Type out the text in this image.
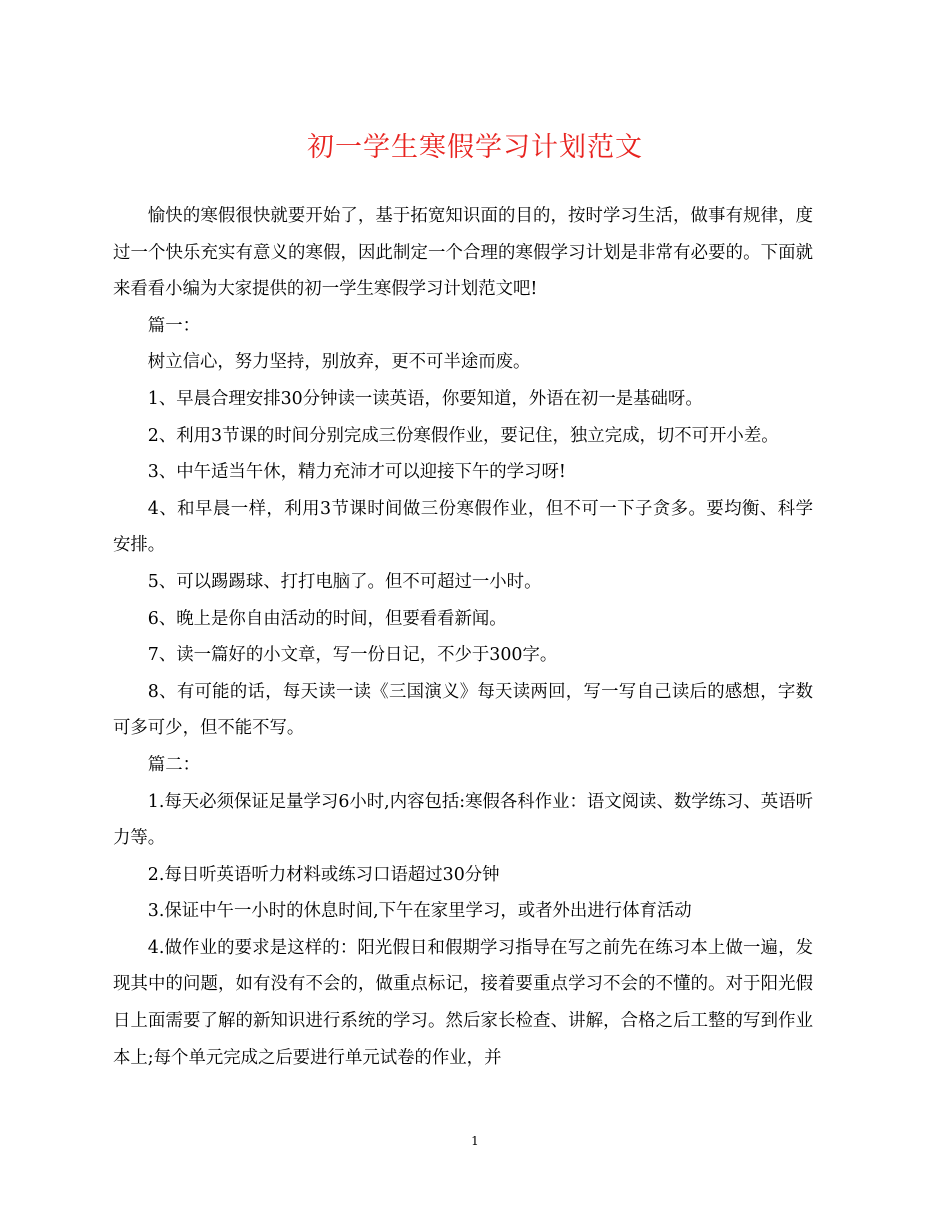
初一学生寒假学习计划范文

愉快的寒假很快就要开始了，基于拓宽知识面的目的，按时学习生活，做事有规律，度过一个快乐充实有意义的寒假，因此制定一个合理的寒假学习计划是非常有必要的。下面就来看看小编为大家提供的初一学生寒假学习计划范文吧!

篇一：

树立信心，努力坚持，别放弃，更不可半途而废。

1、早晨合理安排30分钟读一读英语，你要知道，外语在初一是基础呀。

2、利用3节课的时间分别完成三份寒假作业，要记住，独立完成，切不可开小差。

3、中午适当午休，精力充沛才可以迎接下午的学习呀!

4、和早晨一样，利用3节课时间做三份寒假作业，但不可一下子贪多。要均衡、科学安排。

5、可以踢踢球、打打电脑了。但不可超过一小时。

6、晚上是你自由活动的时间，但要看看新闻。

7、读一篇好的小文章，写一份日记，不少于300字。

8、有可能的话，每天读一读《三国演义》每天读两回，写一写自己读后的感想，字数可多可少，但不能不写。

篇二：

1.每天必须保证足量学习6小时,内容包括:寒假各科作业：语文阅读、数学练习、英语听力等。

2.每日听英语听力材料或练习口语超过30分钟

3.保证中午一小时的休息时间,下午在家里学习，或者外出进行体育活动

4.做作业的要求是这样的：阳光假日和假期学习指导在写之前先在练习本上做一遍，发现其中的问题，如有没有不会的，做重点标记，接着要重点学习不会的不懂的。对于阳光假日上面需要了解的新知识进行系统的学习。然后家长检查、讲解，合格之后工整的写到作业本上;每个单元完成之后要进行单元试卷的作业，并

1
